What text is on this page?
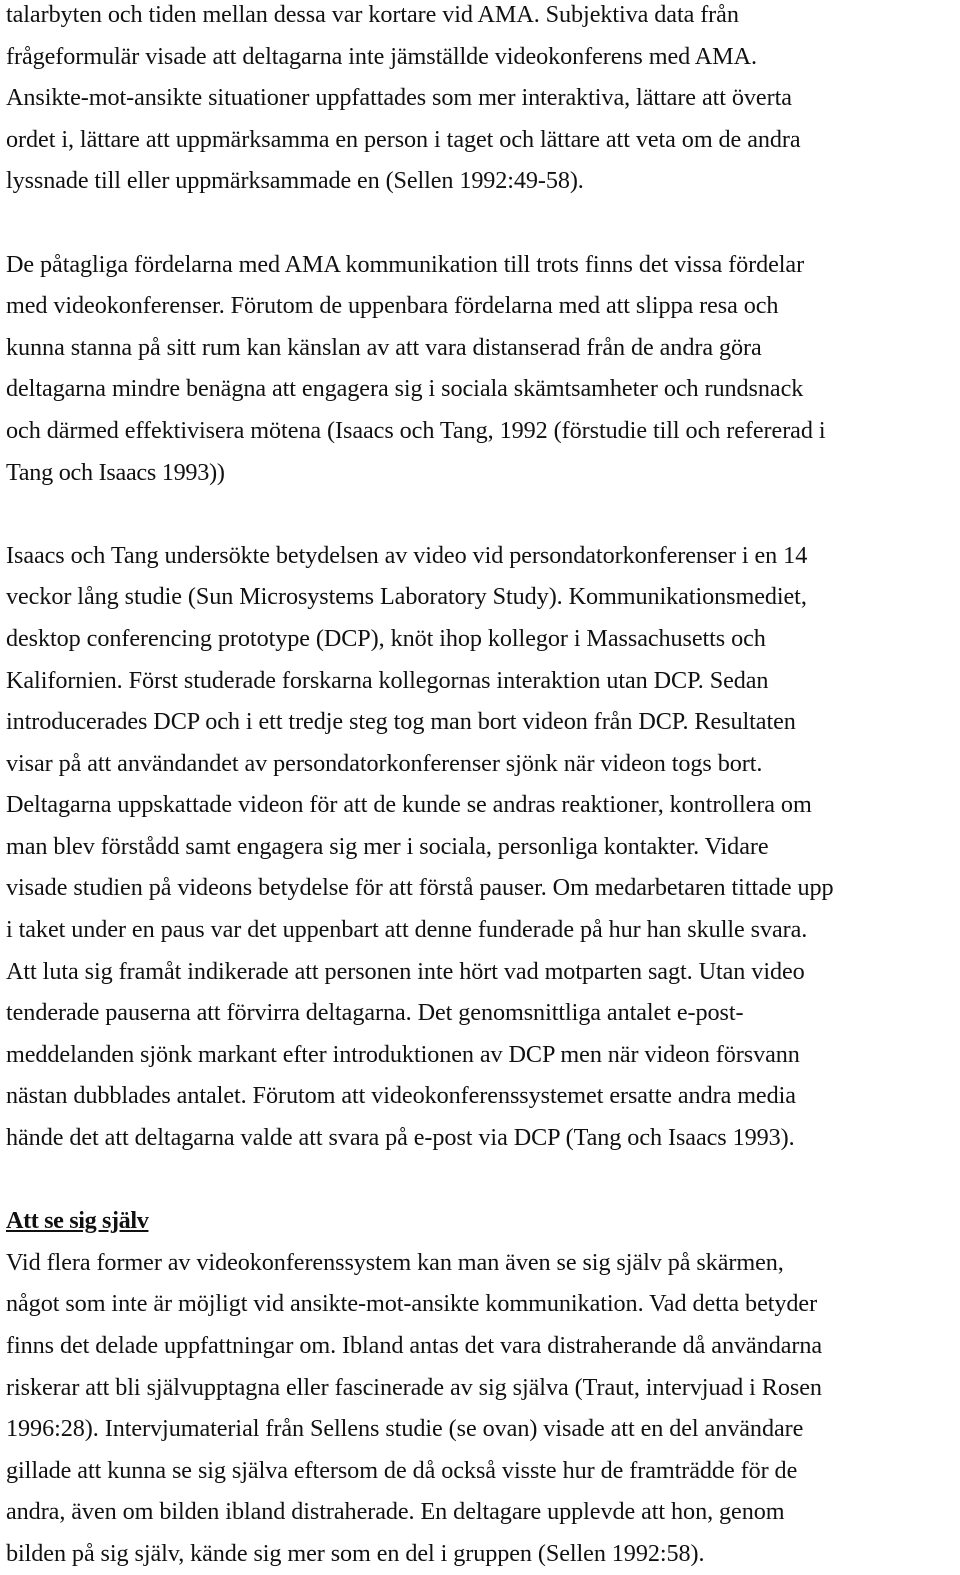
talarbyten och tiden mellan dessa var kortare vid AMA. Subjektiva data från
frågeformulär visade att deltagarna inte jämställde videokonferens med AMA.
Ansikte-mot-ansikte situationer uppfattades som mer interaktiva, lättare att överta
ordet i, lättare att uppmärksamma en person i taget och lättare att veta om de andra
lyssnade till eller uppmärksammade en (Sellen 1992:49-58).
De påtagliga fördelarna med AMA kommunikation till trots finns det vissa fördelar
med videokonferenser. Förutom de uppenbara fördelarna med att slippa resa och
kunna stanna på sitt rum kan känslan av att vara distanserad från de andra göra
deltagarna mindre benägna att engagera sig i sociala skämtsamheter och rundsnack
och därmed effektivisera mötena (Isaacs och Tang, 1992 (förstudie till och refererad i
Tang och Isaacs 1993))
Isaacs och Tang undersökte betydelsen av video vid persondatorkonferenser i en 14
veckor lång studie (Sun Microsystems Laboratory Study). Kommunikationsmediet,
desktop conferencing prototype (DCP), knöt ihop kollegor i Massachusetts och
Kalifornien. Först studerade forskarna kollegornas interaktion utan DCP. Sedan
introducerades DCP och i ett tredje steg tog man bort videon från DCP. Resultaten
visar på att användandet av persondatorkonferenser sjönk när videon togs bort.
Deltagarna uppskattade videon för att de kunde se andras reaktioner, kontrollera om
man blev förstådd samt engagera sig mer i sociala, personliga kontakter. Vidare
visade studien på videons betydelse för att förstå pauser. Om medarbetaren tittade upp
i taket under en paus var det uppenbart att denne funderade på hur han skulle svara.
Att luta sig framåt indikerade att personen inte hört vad motparten sagt. Utan video
tenderade pauserna att förvirra deltagarna. Det genomsnittliga antalet e-post-
meddelanden sjönk markant efter introduktionen av DCP men när videon försvann
nästan dubblades antalet. Förutom att videokonferenssystemet ersatte andra media
hände det att deltagarna valde att svara på e-post via DCP (Tang och Isaacs 1993).
Att se sig själv
Vid flera former av videokonferenssystem kan man även se sig själv på skärmen,
något som inte är möjligt vid ansikte-mot-ansikte kommunikation. Vad detta betyder
finns det delade uppfattningar om. Ibland antas det vara distraherande då användarna
riskerar att bli självupptagna eller fascinerade av sig själva (Traut, intervjuad i Rosen
1996:28). Intervjumaterial från Sellens studie (se ovan) visade att en del användare
gillade att kunna se sig själva eftersom de då också visste hur de framträdde för de
andra, även om bilden ibland distraherade. En deltagare upplevde att hon, genom
bilden på sig själv, kände sig mer som en del i gruppen (Sellen 1992:58).
